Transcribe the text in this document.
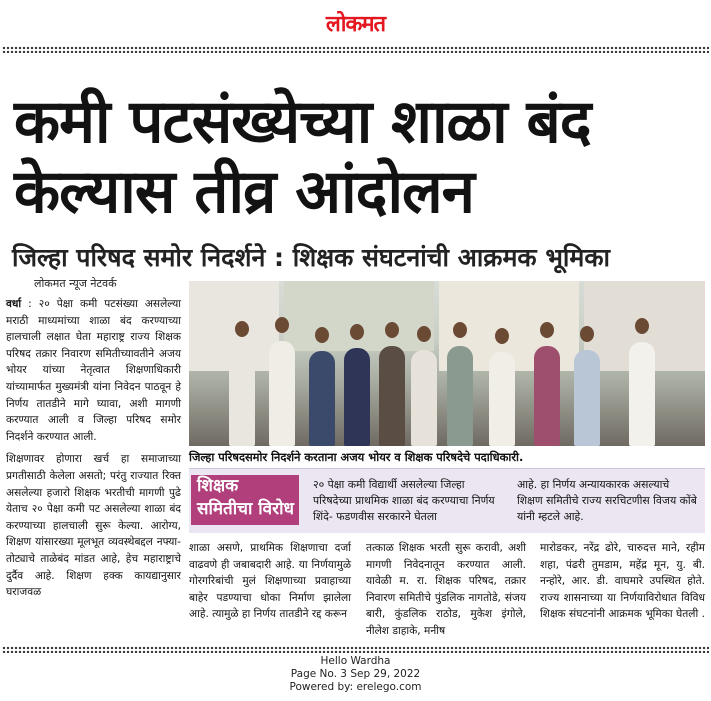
लोकमत
कमी पटसंख्येच्या शाळा बंद
केल्यास तीव्र आंदोलन
जिल्हा परिषद समोर निदर्शने : शिक्षक संघटनांची आक्रमक भूमिका
लोकमत न्यूज नेटवर्क

वर्धा : २० पेक्षा कमी पटसंख्या असलेल्या मराठी माध्यमांच्या शाळा बंद करण्याच्या हालचाली लक्षात घेता महाराष्ट्र राज्य शिक्षक परिषद तक्रार निवारण समितीच्यावतीने अजय भोयर यांच्या नेतृत्वात शिक्षणाधिकारी यांच्यामार्फत मुख्यमंत्री यांना निवेदन पाठवून हे निर्णय तातडीने मागे घ्यावा, अशी मागणी करण्यात आली व जिल्हा परिषद समोर निदर्शने करण्यात आली.

शिक्षणावर होणारा खर्च हा समाजाच्या प्रगतीसाठी केलेला असतो; परंतु राज्यात रिक्त असलेल्या हजारो शिक्षक भरतीची मागणी पुढे येताच २० पेक्षा कमी पट असलेल्या शाळा बंद करण्याच्या हालचाली सुरू केल्या. आरोग्य, शिक्षण यांसारख्या मूलभूत व्यवस्थेबद्दल नफ्या-तोट्याचे ताळेबंद मांडत आहे, हेच महाराष्ट्राचे दुर्दैव आहे. शिक्षण हक्क कायद्यानुसार घराजवळ

जिल्हा परिषदसमोर निदर्शने करताना अजय भोयर व शिक्षक परिषदेचे पदाधिकारी.
शिक्षक
समितीचा विरोध
२० पेक्षा कमी विद्यार्थी असलेल्या जिल्हा परिषदेच्या प्राथमिक शाळा बंद करण्याचा निर्णय शिंदे- फडणवीस सरकारने घेतला
आहे. हा निर्णय अन्यायकारक असल्याचे शिक्षण समितीचे राज्य सरचिटणीस विजय कोंबे यांनी म्हटले आहे.
शाळा असणे, प्राथमिक शिक्षणाचा दर्जा वाढवणे ही जबाबदारी आहे. या निर्णयामुळे गोरगरिबांची मुलं शिक्षणाच्या प्रवाहाच्या बाहेर पडण्याचा धोका निर्माण झालेला आहे. त्यामुळे हा निर्णय तातडीने रद्द करून
तत्काळ शिक्षक भरती सुरू करावी, अशी मागणी निवेदनातून करण्यात आली. यावेळी म. रा. शिक्षक परिषद, तक्रार निवारण समितीचे पुंडलिक नागतोडे, संजय बारी, कुंडलिक राठोड, मुकेश इंगोले, नीलेश डाहाके, मनीष
मारोडकर, नरेंद्र ढोरे, चारुदत्त माने, रहीम शहा, पंढरी तुमडाम, महेंद्र मून, यु. बी. नन्होरे, आर. डी. वाघमारे उपस्थित होते. राज्य शासनाच्या या निर्णयाविरोधात विविध शिक्षक संघटनांनी आक्रमक भूमिका घेतली .
Hello Wardha
Page No. 3 Sep 29, 2022
Powered by: erelego.com
